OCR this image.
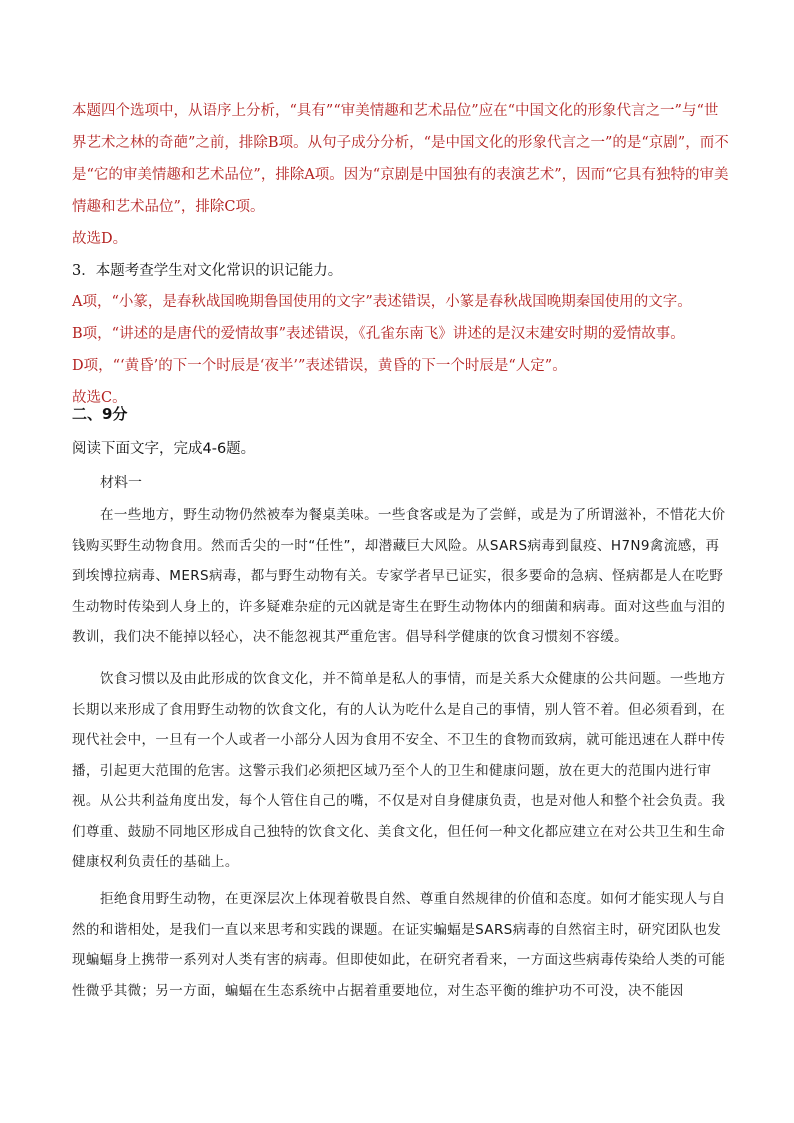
本题四个选项中，从语序上分析，“具有”“审美情趣和艺术品位”应在“中国文化的形象代言之一”与“世界艺术之林的奇葩”之前，排除B项。从句子成分分析，“是中国文化的形象代言之一”的是“京剧”，而不是“它的审美情趣和艺术品位”，排除A项。因为“京剧是中国独有的表演艺术”，因而“它具有独特的审美情趣和艺术品位”，排除C项。

故选D。

3．本题考查学生对文化常识的识记能力。

A项，“小篆，是春秋战国晚期鲁国使用的文字”表述错误，小篆是春秋战国晚期秦国使用的文字。

B项，“讲述的是唐代的爱情故事”表述错误，《孔雀东南飞》讲述的是汉末建安时期的爱情故事。

D项，“‘黄昏’的下一个时辰是‘夜半’”表述错误，黄昏的下一个时辰是“人定”。

故选C。

二、9分

阅读下面文字，完成4-6题。

材料一

在一些地方，野生动物仍然被奉为餐桌美味。一些食客或是为了尝鲜，或是为了所谓滋补，不惜花大价钱购买野生动物食用。然而舌尖的一时“任性”，却潜藏巨大风险。从SARS病毒到鼠疫、H7N9禽流感，再到埃博拉病毒、MERS病毒，都与野生动物有关。专家学者早已证实，很多要命的急病、怪病都是人在吃野生动物时传染到人身上的，许多疑难杂症的元凶就是寄生在野生动物体内的细菌和病毒。面对这些血与泪的教训，我们决不能掉以轻心，决不能忽视其严重危害。倡导科学健康的饮食习惯刻不容缓。

饮食习惯以及由此形成的饮食文化，并不简单是私人的事情，而是关系大众健康的公共问题。一些地方长期以来形成了食用野生动物的饮食文化，有的人认为吃什么是自己的事情，别人管不着。但必须看到，在现代社会中，一旦有一个人或者一小部分人因为食用不安全、不卫生的食物而致病，就可能迅速在人群中传播，引起更大范围的危害。这警示我们必须把区域乃至个人的卫生和健康问题，放在更大的范围内进行审视。从公共利益角度出发，每个人管住自己的嘴，不仅是对自身健康负责，也是对他人和整个社会负责。我们尊重、鼓励不同地区形成自己独特的饮食文化、美食文化，但任何一种文化都应建立在对公共卫生和生命健康权利负责任的基础上。

拒绝食用野生动物，在更深层次上体现着敬畏自然、尊重自然规律的价值和态度。如何才能实现人与自然的和谐相处，是我们一直以来思考和实践的课题。在证实蝙蝠是SARS病毒的自然宿主时，研究团队也发现蝙蝠身上携带一系列对人类有害的病毒。但即使如此，在研究者看来，一方面这些病毒传染给人类的可能性微乎其微；另一方面，蝙蝠在生态系统中占据着重要地位，对生态平衡的维护功不可没，决不能因
